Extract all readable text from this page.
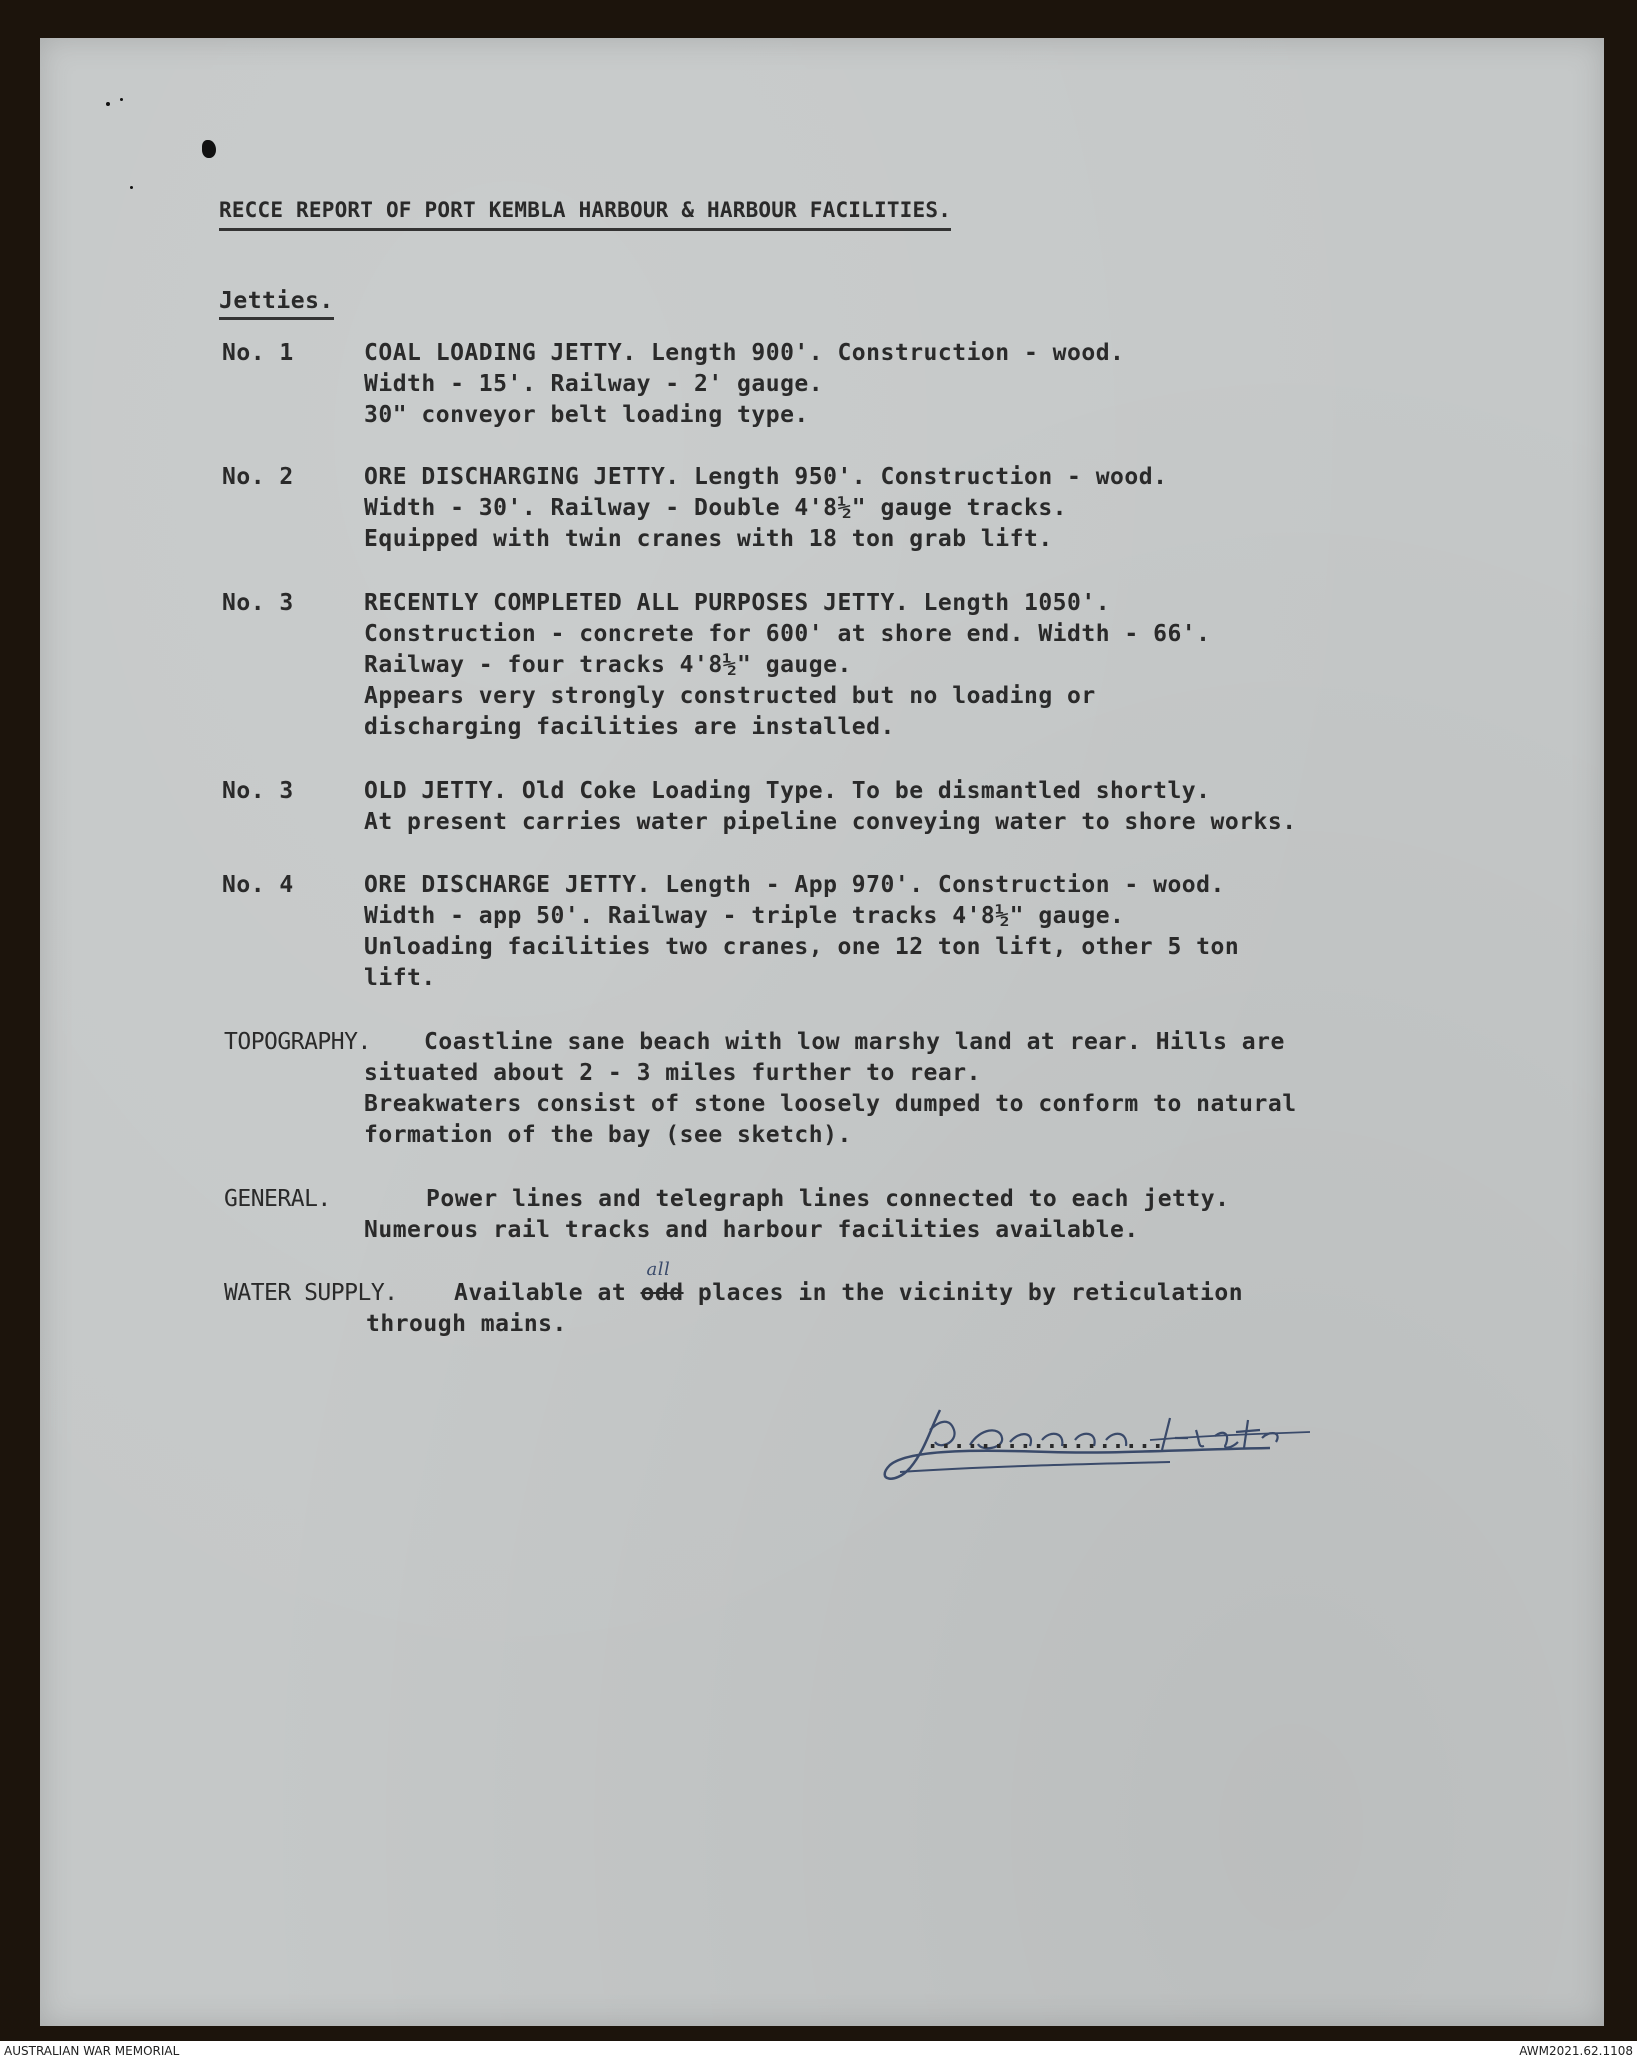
RECCE REPORT OF PORT KEMBLA HARBOUR & HARBOUR FACILITIES.
Jetties.
No. 1	COAL LOADING JETTY. Length 900'. Construction - wood.
Width - 15'. Railway - 2' gauge.
30" conveyor belt loading type.
No. 2	ORE DISCHARGING JETTY. Length 950'. Construction - wood.
Width - 30'. Railway - Double 4'8½" gauge tracks.
Equipped with twin cranes with 18 ton grab lift.
No. 3	RECENTLY COMPLETED ALL PURPOSES JETTY. Length 1050'.
Construction - concrete for 600' at shore end. Width - 66'.
Railway - four tracks 4'8½" gauge.
Appears very strongly constructed but no loading or
discharging facilities are installed.
No. 3	OLD JETTY. Old Coke Loading Type. To be dismantled shortly.
At present carries water pipeline conveying water to shore works.
No. 4	ORE DISCHARGE JETTY. Length - App 970'. Construction - wood.
Width - app 50'. Railway - triple tracks 4'8½" gauge.
Unloading facilities two cranes, one 12 ton lift, other 5 ton
lift.
TOPOGRAPHY. Coastline sane beach with low marshy land at rear. Hills are
situated about 2 - 3 miles further to rear.
Breakwaters consist of stone loosely dumped to conform to natural
formation of the bay (see sketch).
GENERAL.	Power lines and telegraph lines connected to each jetty.
Numerous rail tracks and harbour facilities available.
WATER SUPPLY. Available at odd
all
places in the vicinity by reticulation
through mains.
..................
AUSTRALIAN WAR MEMORIAL	AWM2021.62.1108
